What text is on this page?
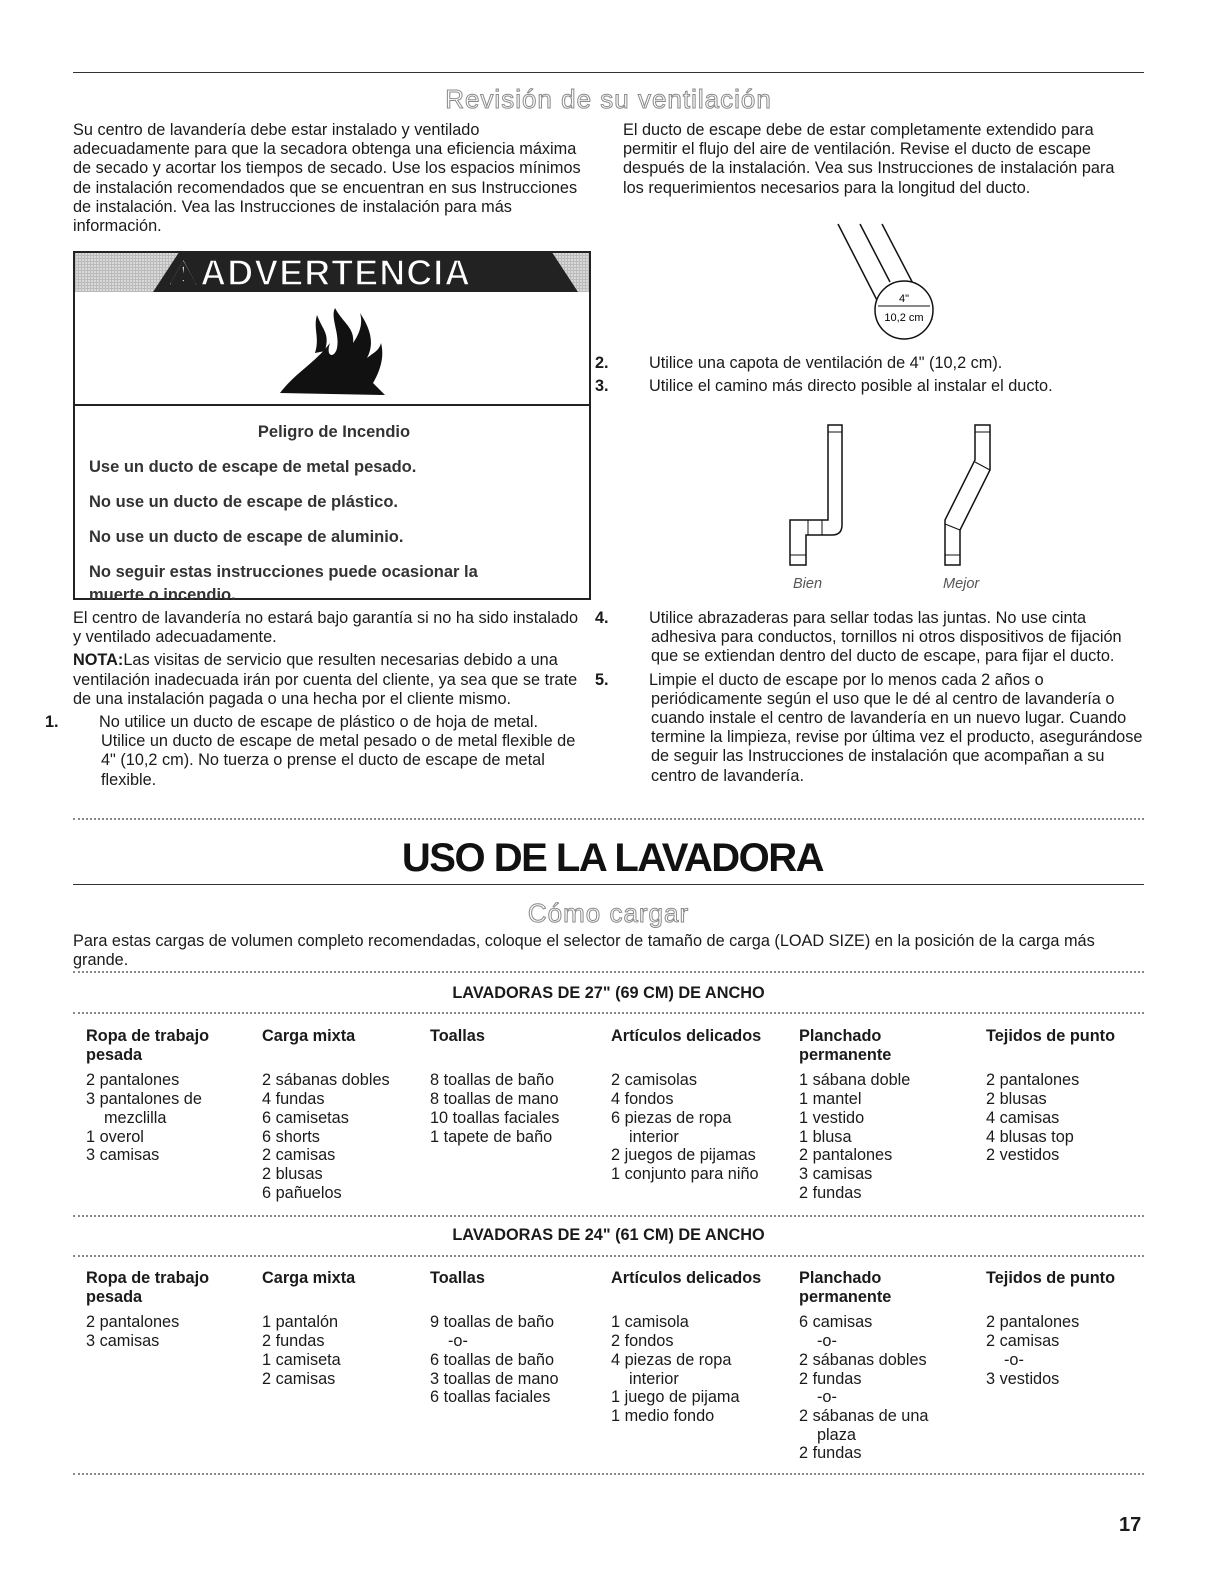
Revisión de su ventilación
Su centro de lavandería debe estar instalado y ventilado adecuadamente para que la secadora obtenga una eficiencia máxima de secado y acortar los tiempos de secado. Use los espacios mínimos de instalación recomendados que se encuentran en sus Instrucciones de instalación. Vea las Instrucciones de instalación para más información.
⚠ADVERTENCIA
Peligro de Incendio
Use un ducto de escape de metal pesado.
No use un ducto de escape de plástico.
No use un ducto de escape de aluminio.
No seguir estas instrucciones puede ocasionar la muerte o incendio.

El centro de lavandería no estará bajo garantía si no ha sido instalado y ventilado adecuadamente.

NOTA:Las visitas de servicio que resulten necesarias debido a una ventilación inadecuada irán por cuenta del cliente, ya sea que se trate de una instalación pagada o una hecha por el cliente mismo.

1. No utilice un ducto de escape de plástico o de hoja de metal. Utilice un ducto de escape de metal pesado o de metal flexible de 4" (10,2 cm). No tuerza o prense el ducto de escape de metal flexible.

El ducto de escape debe de estar completamente extendido para permitir el flujo del aire de ventilación. Revise el ducto de escape después de la instalación. Vea sus Instrucciones de instalación para los requerimientos necesarios para la longitud del ducto.
4"
10,2 cm

2. Utilice una capota de ventilación de 4" (10,2 cm).

3. Utilice el camino más directo posible al instalar el ducto.

Bien	Mejor

4. Utilice abrazaderas para sellar todas las juntas. No use cinta adhesiva para conductos, tornillos ni otros dispositivos de fijación que se extiendan dentro del ducto de escape, para fijar el ducto.

5. Limpie el ducto de escape por lo menos cada 2 años o periódicamente según el uso que le dé al centro de lavandería o cuando instale el centro de lavandería en un nuevo lugar. Cuando termine la limpieza, revise por última vez el producto, asegurándose de seguir las Instrucciones de instalación que acompañan a su centro de lavandería.

USO DE LA LAVADORA
Cómo cargar
Para estas cargas de volumen completo recomendadas, coloque el selector de tamaño de carga (LOAD SIZE) en la posición de la carga más grande.
LAVADORAS DE 27" (69 CM) DE ANCHO
Ropa de trabajo
pesada
2 pantalones
3 pantalones de
mezclilla
1 overol
3 camisas
Carga mixta

2 sábanas dobles
4 fundas
6 camisetas
6 shorts
2 camisas
2 blusas
6 pañuelos
Toallas

8 toallas de baño
8 toallas de mano
10 toallas faciales
1 tapete de baño
Artículos delicados

2 camisolas
4 fondos
6 piezas de ropa
interior
2 juegos de pijamas
1 conjunto para niño
Planchado
permanente
1 sábana doble
1 mantel
1 vestido
1 blusa
2 pantalones
3 camisas
2 fundas
Tejidos de punto

2 pantalones
2 blusas
4 camisas
4 blusas top
2 vestidos
LAVADORAS DE 24" (61 CM) DE ANCHO
Ropa de trabajo
pesada
2 pantalones
3 camisas
Carga mixta

1 pantalón
2 fundas
1 camiseta
2 camisas
Toallas

9 toallas de baño
-o-
6 toallas de baño
3 toallas de mano
6 toallas faciales
Artículos delicados

1 camisola
2 fondos
4 piezas de ropa
interior
1 juego de pijama
1 medio fondo
Planchado
permanente
6 camisas
-o-
2 sábanas dobles
2 fundas
-o-
2 sábanas de una
plaza
2 fundas
Tejidos de punto

2 pantalones
2 camisas
-o-
3 vestidos
17
